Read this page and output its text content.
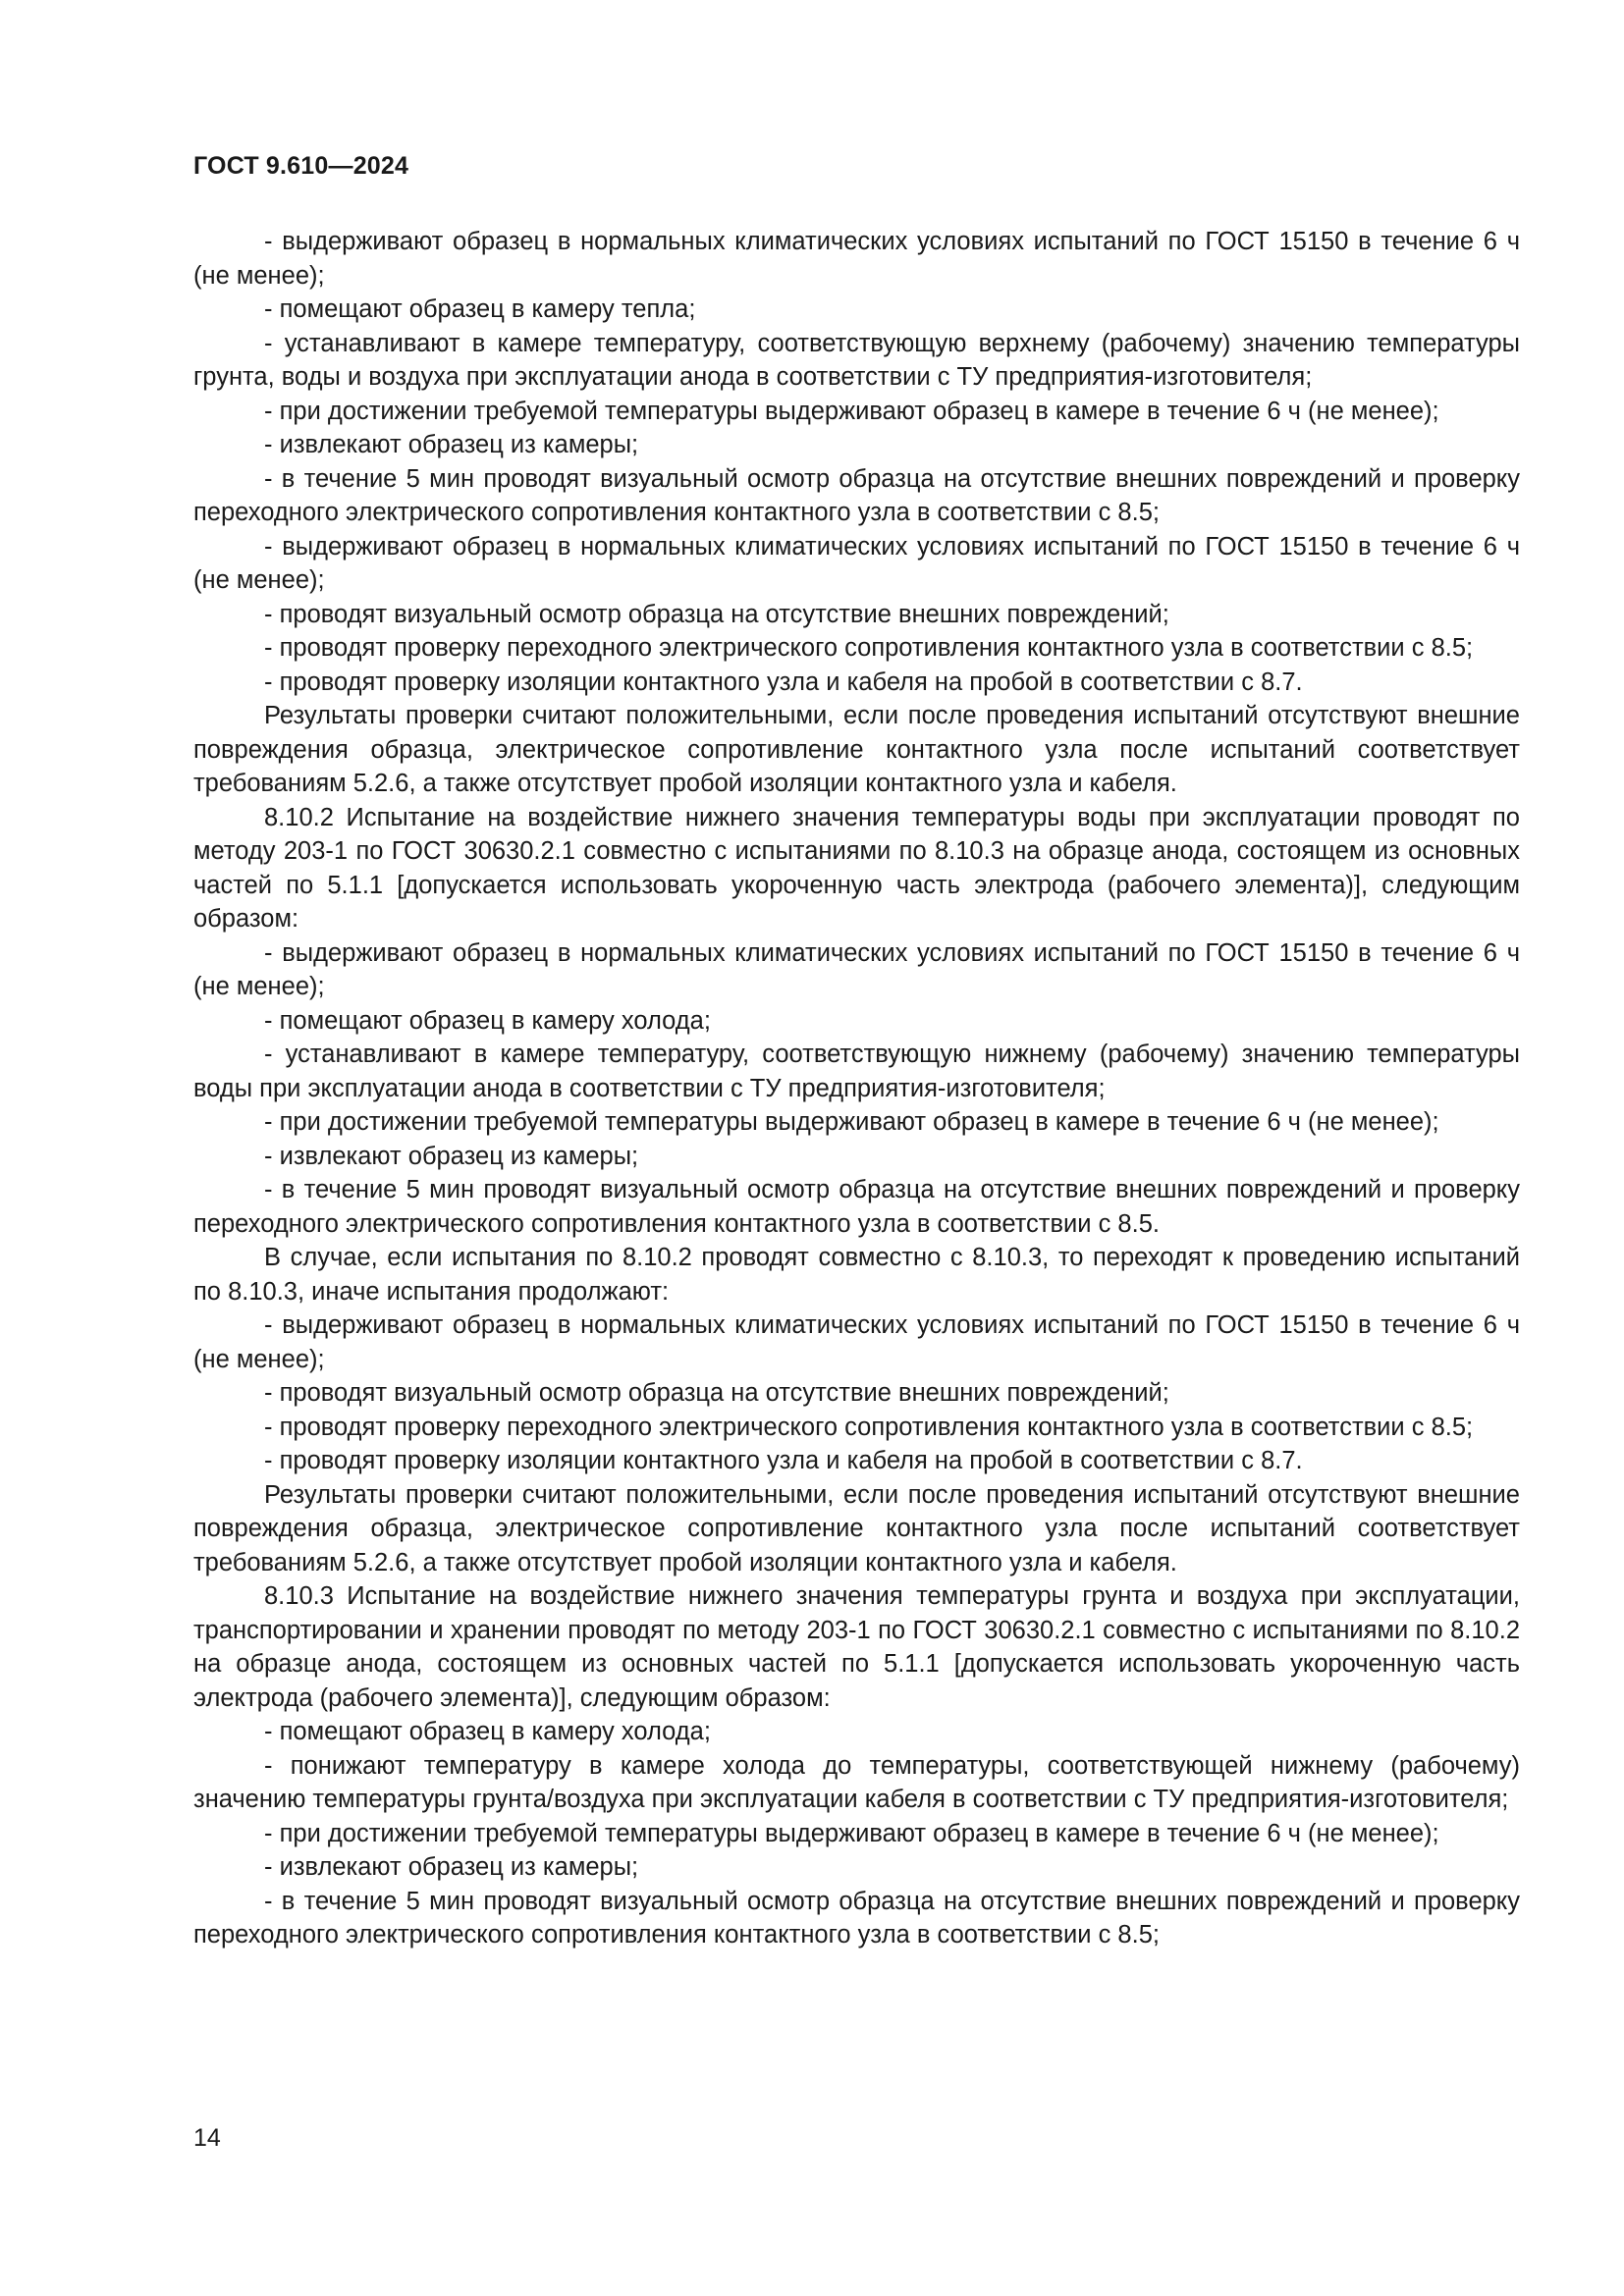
ГОСТ 9.610—2024

- выдерживают образец в нормальных климатических условиях испытаний по ГОСТ 15150 в течение 6 ч (не менее);

- помещают образец в камеру тепла;

- устанавливают в камере температуру, соответствующую верхнему (рабочему) значению температуры грунта, воды и воздуха при эксплуатации анода в соответствии с ТУ предприятия-изготовителя;

- при достижении требуемой температуры выдерживают образец в камере в течение 6 ч (не менее);

- извлекают образец из камеры;

- в течение 5 мин проводят визуальный осмотр образца на отсутствие внешних повреждений и проверку переходного электрического сопротивления контактного узла в соответствии с 8.5;

- выдерживают образец в нормальных климатических условиях испытаний по ГОСТ 15150 в течение 6 ч (не менее);

- проводят визуальный осмотр образца на отсутствие внешних повреждений;

- проводят проверку переходного электрического сопротивления контактного узла в соответствии с 8.5;

- проводят проверку изоляции контактного узла и кабеля на пробой в соответствии с 8.7.

Результаты проверки считают положительными, если после проведения испытаний отсутствуют внешние повреждения образца, электрическое сопротивление контактного узла после испытаний соответствует требованиям 5.2.6, а также отсутствует пробой изоляции контактного узла и кабеля.

8.10.2 Испытание на воздействие нижнего значения температуры воды при эксплуатации проводят по методу 203-1 по ГОСТ 30630.2.1 совместно с испытаниями по 8.10.3 на образце анода, состоящем из основных частей по 5.1.1 [допускается использовать укороченную часть электрода (рабочего элемента)], следующим образом:

- выдерживают образец в нормальных климатических условиях испытаний по ГОСТ 15150 в течение 6 ч (не менее);

- помещают образец в камеру холода;

- устанавливают в камере температуру, соответствующую нижнему (рабочему) значению температуры воды при эксплуатации анода в соответствии с ТУ предприятия-изготовителя;

- при достижении требуемой температуры выдерживают образец в камере в течение 6 ч (не менее);

- извлекают образец из камеры;

- в течение 5 мин проводят визуальный осмотр образца на отсутствие внешних повреждений и проверку переходного электрического сопротивления контактного узла в соответствии с 8.5.

В случае, если испытания по 8.10.2 проводят совместно с 8.10.3, то переходят к проведению испытаний по 8.10.3, иначе испытания продолжают:

- выдерживают образец в нормальных климатических условиях испытаний по ГОСТ 15150 в течение 6 ч (не менее);

- проводят визуальный осмотр образца на отсутствие внешних повреждений;

- проводят проверку переходного электрического сопротивления контактного узла в соответствии с 8.5;

- проводят проверку изоляции контактного узла и кабеля на пробой в соответствии с 8.7.

Результаты проверки считают положительными, если после проведения испытаний отсутствуют внешние повреждения образца, электрическое сопротивление контактного узла после испытаний соответствует требованиям 5.2.6, а также отсутствует пробой изоляции контактного узла и кабеля.

8.10.3 Испытание на воздействие нижнего значения температуры грунта и воздуха при эксплуатации, транспортировании и хранении проводят по методу 203-1 по ГОСТ 30630.2.1 совместно с испытаниями по 8.10.2 на образце анода, состоящем из основных частей по 5.1.1 [допускается использовать укороченную часть электрода (рабочего элемента)], следующим образом:

- помещают образец в камеру холода;

- понижают температуру в камере холода до температуры, соответствующей нижнему (рабочему) значению температуры грунта/воздуха при эксплуатации кабеля в соответствии с ТУ предприятия-изготовителя;

- при достижении требуемой температуры выдерживают образец в камере в течение 6 ч (не менее);

- извлекают образец из камеры;

- в течение 5 мин проводят визуальный осмотр образца на отсутствие внешних повреждений и проверку переходного электрического сопротивления контактного узла в соответствии с 8.5;

14
